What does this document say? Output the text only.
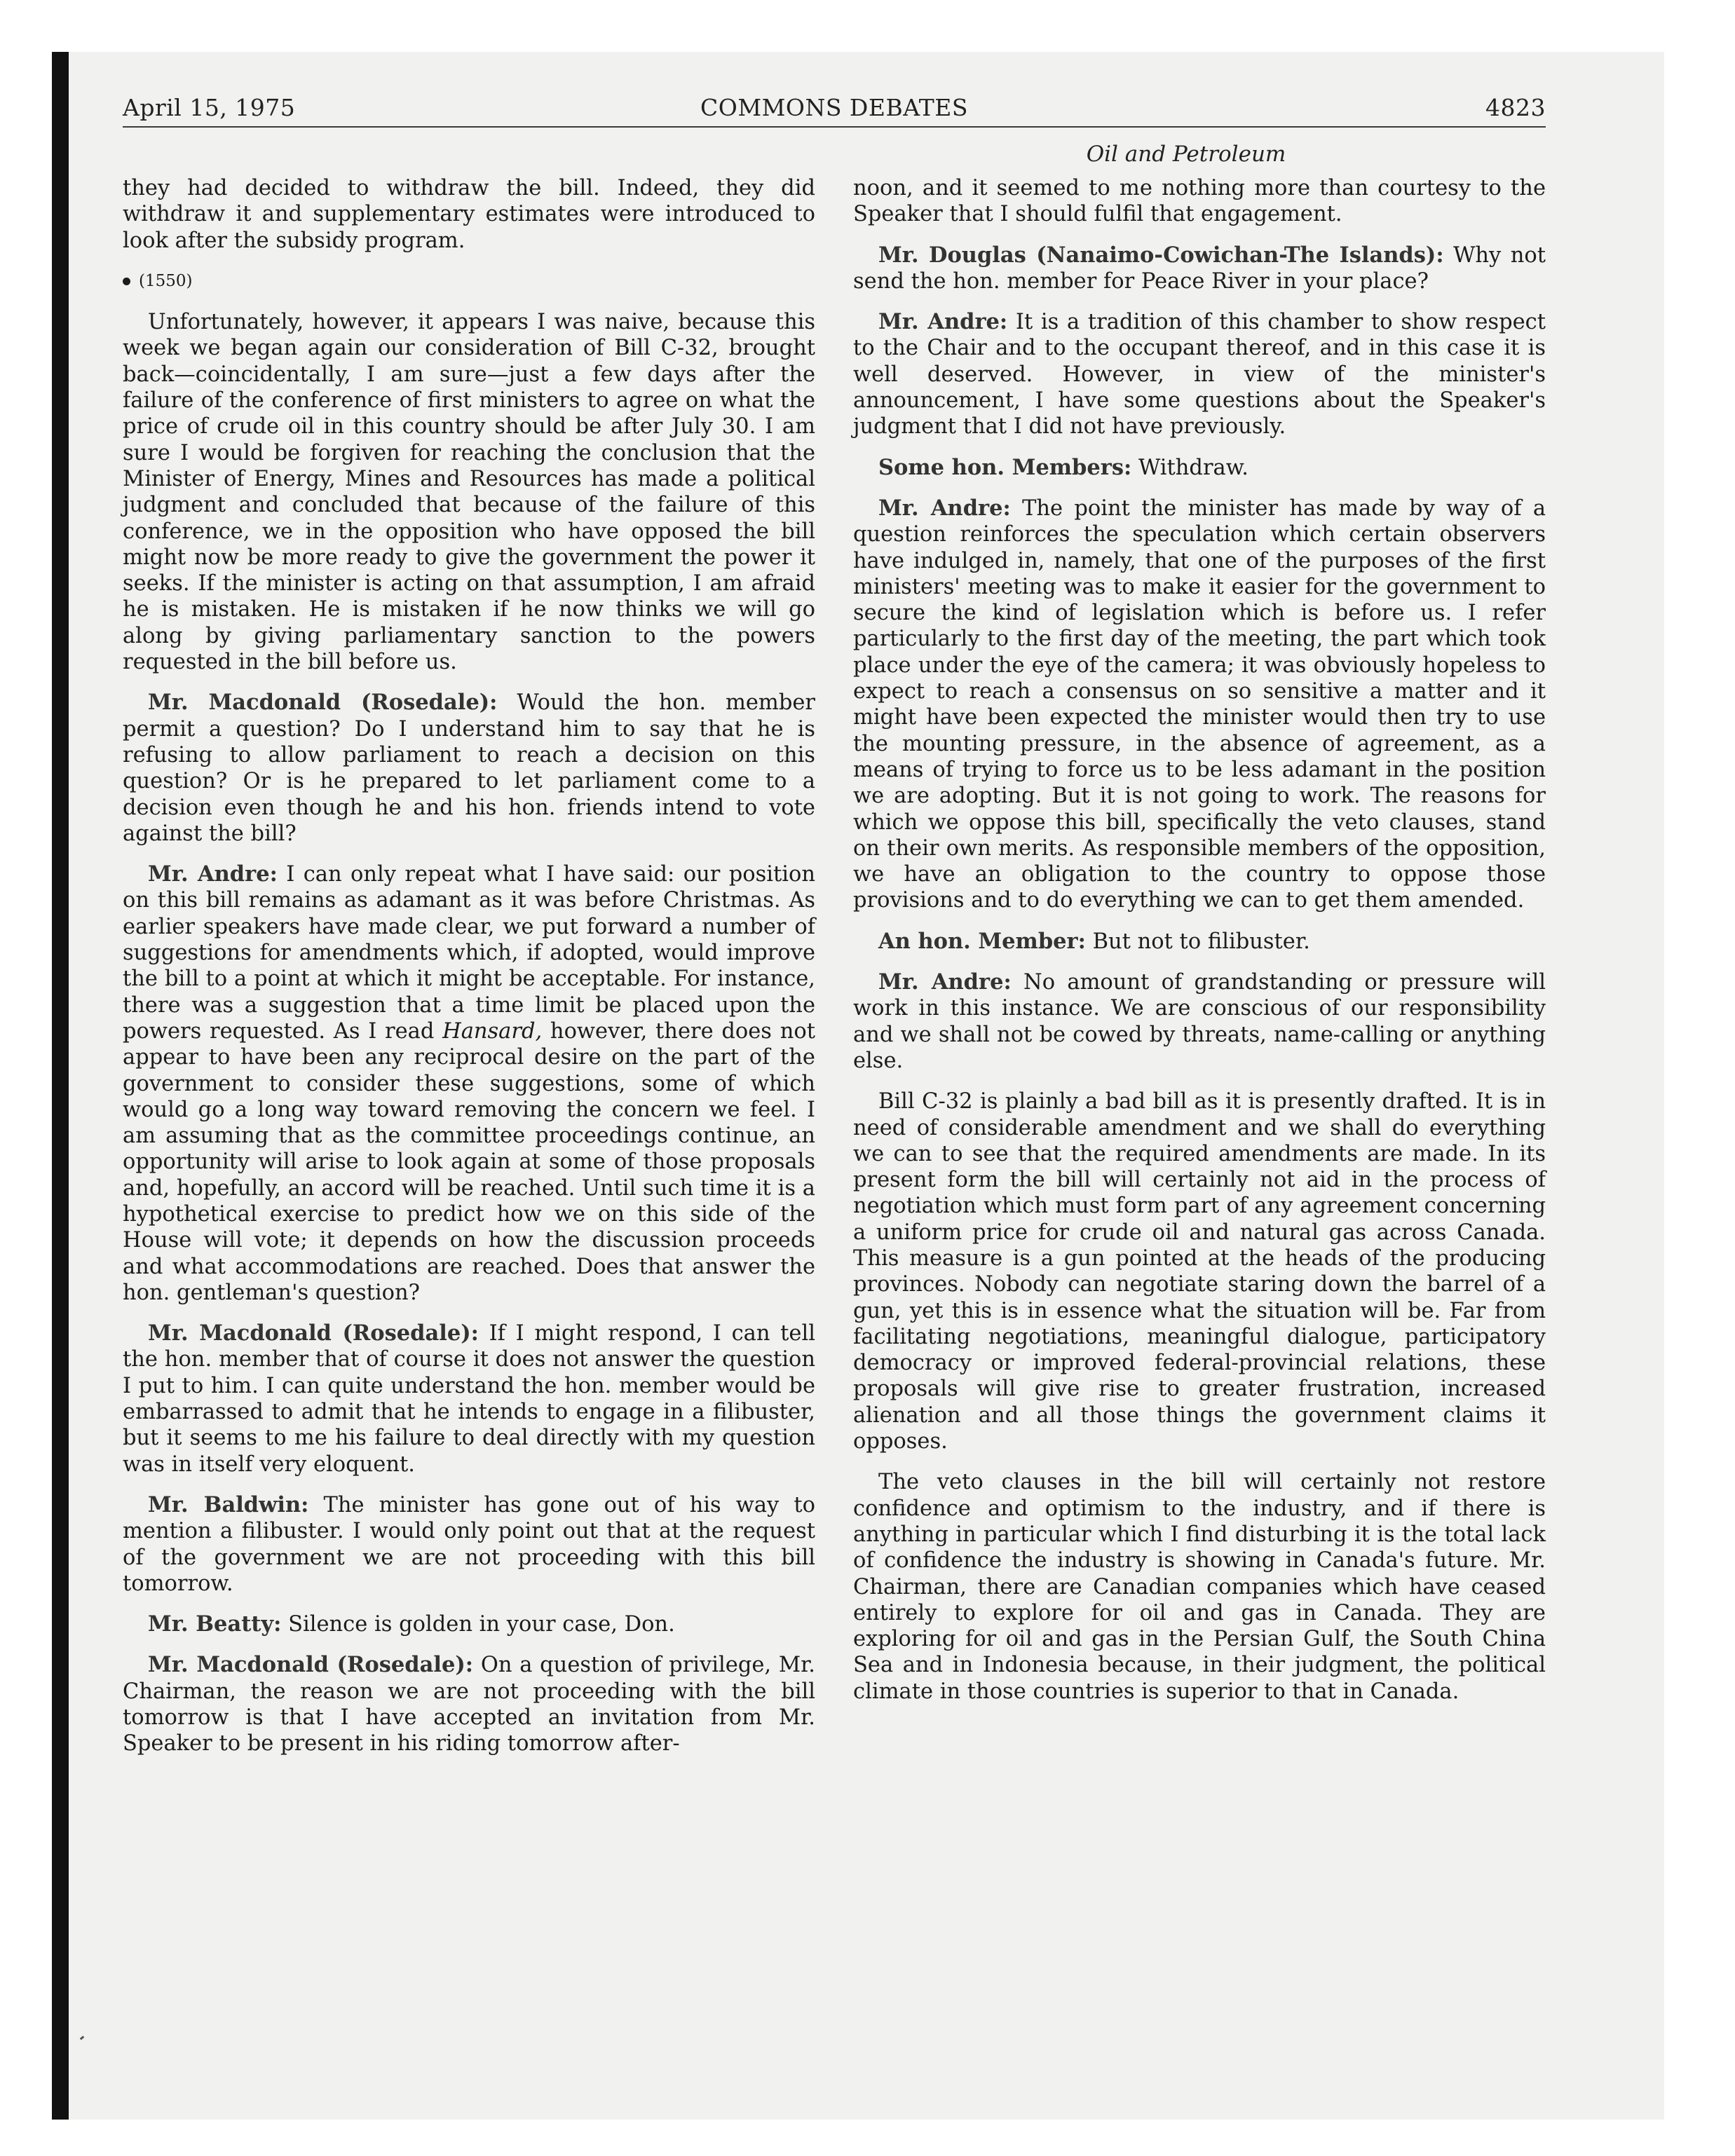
April 15, 1975	COMMONS DEBATES	4823
Oil and Petroleum

they had decided to withdraw the bill. Indeed, they did withdraw it and supplementary estimates were introduced to look after the subsidy program.

(1550)

Unfortunately, however, it appears I was naive, because this week we began again our consideration of Bill C-32, brought back—coincidentally, I am sure—just a few days after the failure of the conference of first ministers to agree on what the price of crude oil in this country should be after July 30. I am sure I would be forgiven for reaching the conclusion that the Minister of Energy, Mines and Resources has made a political judgment and concluded that because of the failure of this conference, we in the opposition who have opposed the bill might now be more ready to give the government the power it seeks. If the minister is acting on that assumption, I am afraid he is mistaken. He is mistaken if he now thinks we will go along by giving parliamentary sanction to the powers requested in the bill before us.

Mr. Macdonald (Rosedale): Would the hon. member permit a question? Do I understand him to say that he is refusing to allow parliament to reach a decision on this question? Or is he prepared to let parliament come to a decision even though he and his hon. friends intend to vote against the bill?

Mr. Andre: I can only repeat what I have said: our position on this bill remains as adamant as it was before Christmas. As earlier speakers have made clear, we put forward a number of suggestions for amendments which, if adopted, would improve the bill to a point at which it might be acceptable. For instance, there was a suggestion that a time limit be placed upon the powers requested. As I read Hansard, however, there does not appear to have been any reciprocal desire on the part of the government to consider these suggestions, some of which would go a long way toward removing the concern we feel. I am assuming that as the committee proceedings continue, an opportunity will arise to look again at some of those proposals and, hopefully, an accord will be reached. Until such time it is a hypothetical exercise to predict how we on this side of the House will vote; it depends on how the discussion proceeds and what accommodations are reached. Does that answer the hon. gentleman's question?

Mr. Macdonald (Rosedale): If I might respond, I can tell the hon. member that of course it does not answer the question I put to him. I can quite understand the hon. member would be embarrassed to admit that he intends to engage in a filibuster, but it seems to me his failure to deal directly with my question was in itself very eloquent.

Mr. Baldwin: The minister has gone out of his way to mention a filibuster. I would only point out that at the request of the government we are not proceeding with this bill tomorrow.

Mr. Beatty: Silence is golden in your case, Don.

Mr. Macdonald (Rosedale): On a question of privilege, Mr. Chairman, the reason we are not proceeding with the bill tomorrow is that I have accepted an invitation from Mr. Speaker to be present in his riding tomorrow after-

noon, and it seemed to me nothing more than courtesy to the Speaker that I should fulfil that engagement.

Mr. Douglas (Nanaimo-Cowichan-The Islands): Why not send the hon. member for Peace River in your place?

Mr. Andre: It is a tradition of this chamber to show respect to the Chair and to the occupant thereof, and in this case it is well deserved. However, in view of the minister's announcement, I have some questions about the Speaker's judgment that I did not have previously.

Some hon. Members: Withdraw.

Mr. Andre: The point the minister has made by way of a question reinforces the speculation which certain observers have indulged in, namely, that one of the purposes of the first ministers' meeting was to make it easier for the government to secure the kind of legislation which is before us. I refer particularly to the first day of the meeting, the part which took place under the eye of the camera; it was obviously hopeless to expect to reach a consensus on so sensitive a matter and it might have been expected the minister would then try to use the mounting pressure, in the absence of agreement, as a means of trying to force us to be less adamant in the position we are adopting. But it is not going to work. The reasons for which we oppose this bill, specifically the veto clauses, stand on their own merits. As responsible members of the opposition, we have an obligation to the country to oppose those provisions and to do everything we can to get them amended.

An hon. Member: But not to filibuster.

Mr. Andre: No amount of grandstanding or pressure will work in this instance. We are conscious of our responsibility and we shall not be cowed by threats, name-calling or anything else.

Bill C-32 is plainly a bad bill as it is presently drafted. It is in need of considerable amendment and we shall do everything we can to see that the required amendments are made. In its present form the bill will certainly not aid in the process of negotiation which must form part of any agreement concerning a uniform price for crude oil and natural gas across Canada. This measure is a gun pointed at the heads of the producing provinces. Nobody can negotiate staring down the barrel of a gun, yet this is in essence what the situation will be. Far from facilitating negotiations, meaningful dialogue, participatory democracy or improved federal-provincial relations, these proposals will give rise to greater frustration, increased alienation and all those things the government claims it opposes.

The veto clauses in the bill will certainly not restore confidence and optimism to the industry, and if there is anything in particular which I find disturbing it is the total lack of confidence the industry is showing in Canada's future. Mr. Chairman, there are Canadian companies which have ceased entirely to explore for oil and gas in Canada. They are exploring for oil and gas in the Persian Gulf, the South China Sea and in Indonesia because, in their judgment, the political climate in those countries is superior to that in Canada.
